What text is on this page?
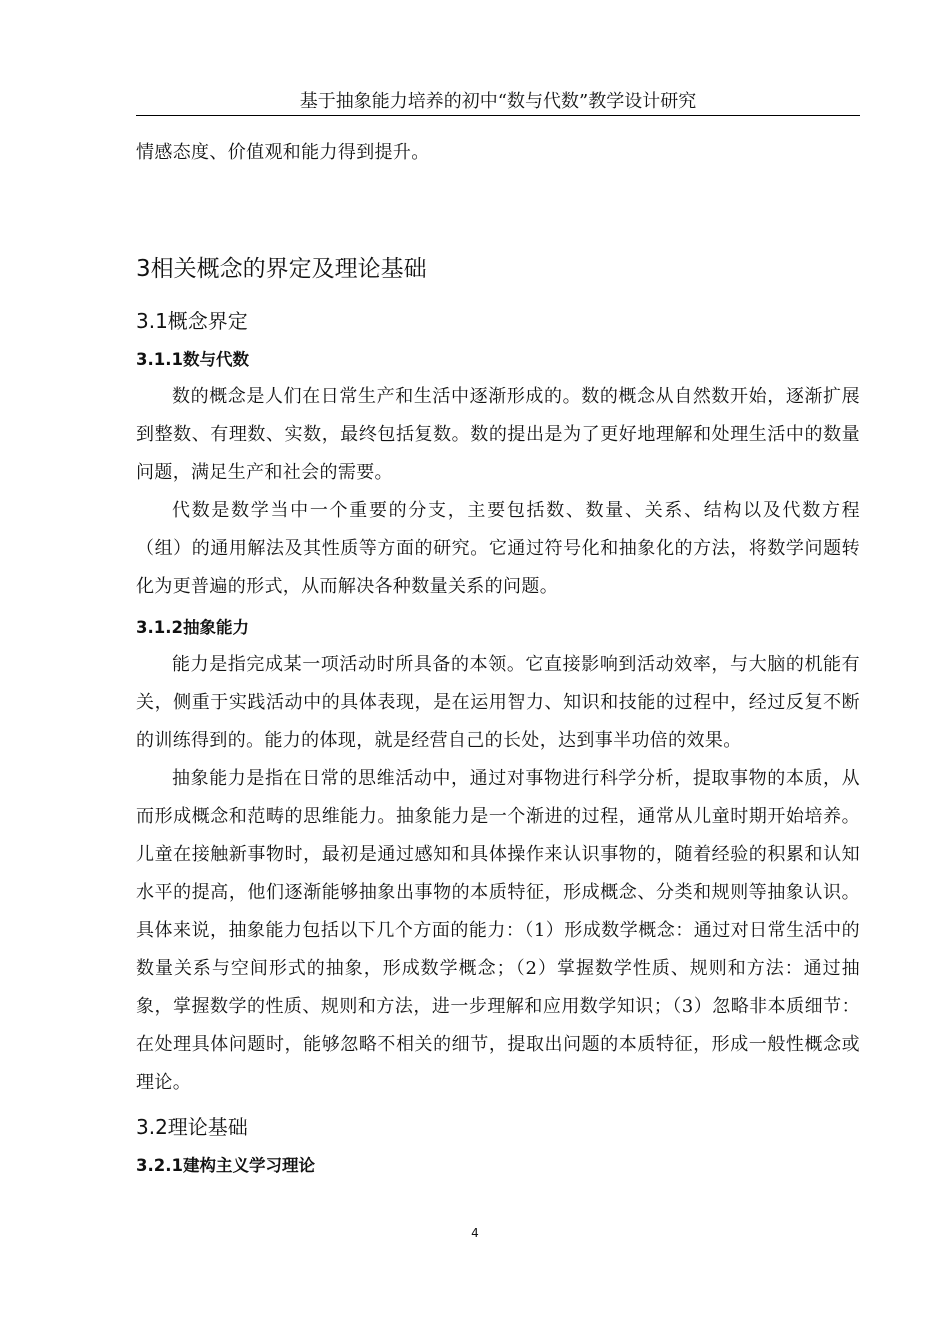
基于抽象能力培养的初中“数与代数”教学设计研究

情感态度、价值观和能力得到提升。

3相关概念的界定及理论基础
3.1概念界定
3.1.1数与代数

数的概念是人们在日常生产和生活中逐渐形成的。数的概念从自然数开始，逐渐扩展到整数、有理数、实数，最终包括复数。数的提出是为了更好地理解和处理生活中的数量问题，满足生产和社会的需要。

代数是数学当中一个重要的分支，主要包括数、数量、关系、结构以及代数方程（组）的通用解法及其性质等方面的研究。它通过符号化和抽象化的方法，将数学问题转化为更普遍的形式，从而解决各种数量关系的问题。

3.1.2抽象能力

能力是指完成某一项活动时所具备的本领。它直接影响到活动效率，与大脑的机能有关，侧重于实践活动中的具体表现，是在运用智力、知识和技能的过程中，经过反复不断的训练得到的。能力的体现，就是经营自己的长处，达到事半功倍的效果。

抽象能力是指在日常的思维活动中，通过对事物进行科学分析，提取事物的本质，从而形成概念和范畴的思维能力。抽象能力是一个渐进的过程，通常从儿童时期开始培养。儿童在接触新事物时，最初是通过感知和具体操作来认识事物的，随着经验的积累和认知水平的提高，他们逐渐能够抽象出事物的本质特征，形成概念、分类和规则等抽象认识。具体来说，抽象能力包括以下几个方面的能力：（1）形成数学概念：通过对日常生活中的数量关系与空间形式的抽象，形成数学概念；（2）掌握数学性质、规则和方法：通过抽象，掌握数学的性质、规则和方法，进一步理解和应用数学知识；（3）忽略非本质细节：在处理具体问题时，能够忽略不相关的细节，提取出问题的本质特征，形成一般性概念或理论。

3.2理论基础
3.2.1建构主义学习理论
4
